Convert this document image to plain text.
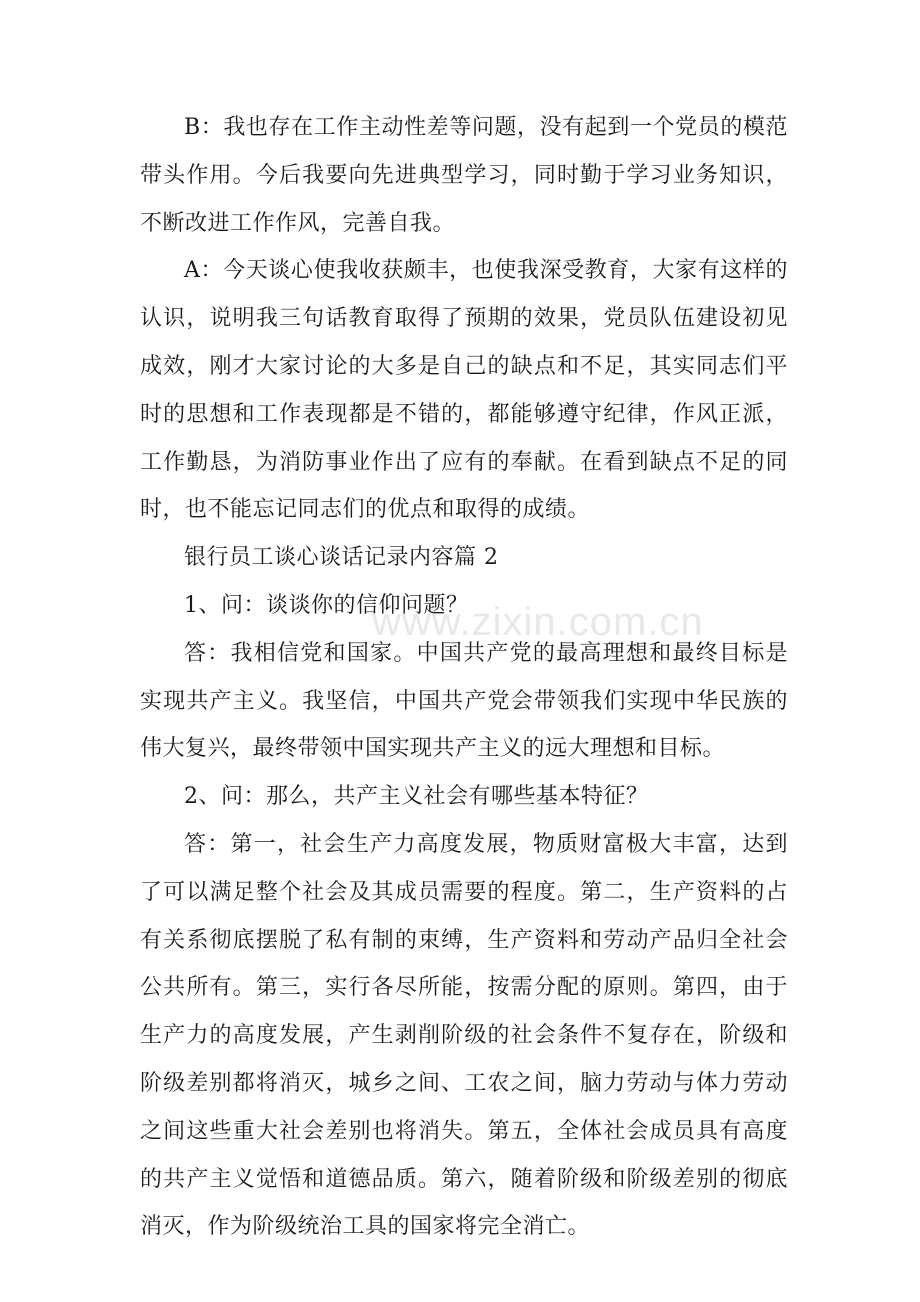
www.zixin.com.cn

B：我也存在工作主动性差等问题，没有起到一个党员的模范带头作用。今后我要向先进典型学习，同时勤于学习业务知识，不断改进工作作风，完善自我。

A：今天谈心使我收获颇丰，也使我深受教育，大家有这样的认识，说明我三句话教育取得了预期的效果，党员队伍建设初见成效，刚才大家讨论的大多是自己的缺点和不足，其实同志们平时的思想和工作表现都是不错的，都能够遵守纪律，作风正派，工作勤恳，为消防事业作出了应有的奉献。在看到缺点不足的同时，也不能忘记同志们的优点和取得的成绩。

银行员工谈心谈话记录内容篇 2

1、问：谈谈你的信仰问题？

答：我相信党和国家。中国共产党的最高理想和最终目标是实现共产主义。我坚信，中国共产党会带领我们实现中华民族的伟大复兴，最终带领中国实现共产主义的远大理想和目标。

2、问：那么，共产主义社会有哪些基本特征？

答：第一，社会生产力高度发展，物质财富极大丰富，达到了可以满足整个社会及其成员需要的程度。第二，生产资料的占有关系彻底摆脱了私有制的束缚，生产资料和劳动产品归全社会公共所有。第三，实行各尽所能，按需分配的原则。第四，由于生产力的高度发展，产生剥削阶级的社会条件不复存在，阶级和阶级差别都将消灭，城乡之间、工农之间，脑力劳动与体力劳动之间这些重大社会差别也将消失。第五，全体社会成员具有高度的共产主义觉悟和道德品质。第六，随着阶级和阶级差别的彻底消灭，作为阶级统治工具的国家将完全消亡。
